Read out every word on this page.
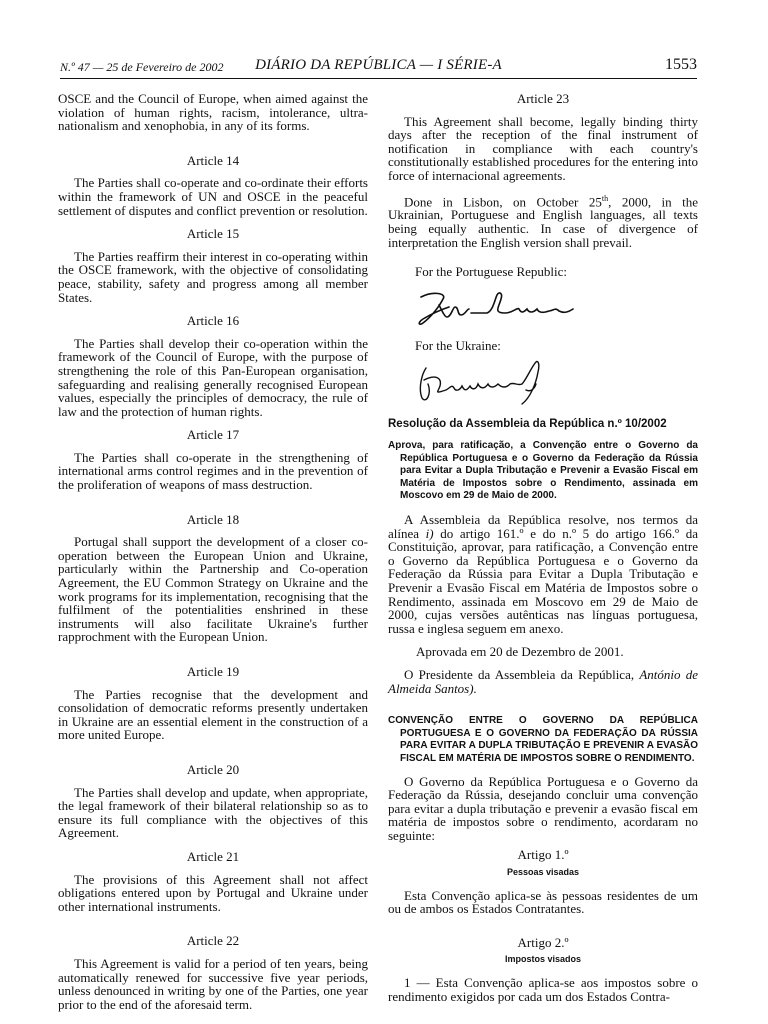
N.º 47 — 25 de Fevereiro de 2002	DIÁRIO DA REPÚBLICA — I SÉRIE-A	1553

OSCE and the Council of Europe, when aimed against the violation of human rights, racism, intolerance, ultra-nationalism and xenophobia, in any of its forms.

Article 14

The Parties shall co-operate and co-ordinate their efforts within the framework of UN and OSCE in the peaceful settlement of disputes and conflict prevention or resolution.

Article 15

The Parties reaffirm their interest in co-operating within the OSCE framework, with the objective of consolidating peace, stability, safety and progress among all member States.

Article 16

The Parties shall develop their co-operation within the framework of the Council of Europe, with the purpose of strengthening the role of this Pan-European organisation, safeguarding and realising generally recognised European values, especially the principles of democracy, the rule of law and the protection of human rights.

Article 17

The Parties shall co-operate in the strengthening of international arms control regimes and in the prevention of the proliferation of weapons of mass destruction.

Article 18

Portugal shall support the development of a closer co-operation between the European Union and Ukraine, particularly within the Partnership and Co-operation Agreement, the EU Common Strategy on Ukraine and the work programs for its implementation, recognising that the fulfilment of the potentialities enshrined in these instruments will also facilitate Ukraine's further rapprochment with the European Union.

Article 19

The Parties recognise that the development and consolidation of democratic reforms presently undertaken in Ukraine are an essential element in the construction of a more united Europe.

Article 20

The Parties shall develop and update, when appropriate, the legal framework of their bilateral relationship so as to ensure its full compliance with the objectives of this Agreement.

Article 21

The provisions of this Agreement shall not affect obligations entered upon by Portugal and Ukraine under other international instruments.

Article 22

This Agreement is valid for a period of ten years, being automatically renewed for successive five year periods, unless denounced in writing by one of the Parties, one year prior to the end of the aforesaid term.

Article 23

This Agreement shall become, legally binding thirty days after the reception of the final instrument of notification in compliance with each country's constitutionally established procedures for the entering into force of internacional agreements.

Done in Lisbon, on October 25th, 2000, in the Ukrainian, Portuguese and English languages, all texts being equally authentic. In case of divergence of interpretation the English version shall prevail.

For the Portuguese Republic:

For the Ukraine:

Resolução da Assembleia da República n.º 10/2002

Aprova, para ratificação, a Convenção entre o Governo da República Portuguesa e o Governo da Federação da Rússia para Evitar a Dupla Tributação e Prevenir a Evasão Fiscal em Matéria de Impostos sobre o Rendimento, assinada em Moscovo em 29 de Maio de 2000.

A Assembleia da República resolve, nos termos da alínea i) do artigo 161.º e do n.º 5 do artigo 166.º da Constituição, aprovar, para ratificação, a Convenção entre o Governo da República Portuguesa e o Governo da Federação da Rússia para Evitar a Dupla Tributação e Prevenir a Evasão Fiscal em Matéria de Impostos sobre o Rendimento, assinada em Moscovo em 29 de Maio de 2000, cujas versões autênticas nas línguas portuguesa, russa e inglesa seguem em anexo.

Aprovada em 20 de Dezembro de 2001.

O Presidente da Assembleia da República, António de Almeida Santos).

CONVENÇÃO ENTRE O GOVERNO DA REPÚBLICA PORTUGUESA E O GOVERNO DA FEDERAÇÃO DA RÚSSIA PARA EVITAR A DUPLA TRIBUTAÇÃO E PREVENIR A EVASÃO FISCAL EM MATÉRIA DE IMPOSTOS SOBRE O RENDIMENTO.

O Governo da República Portuguesa e o Governo da Federação da Rússia, desejando concluir uma convenção para evitar a dupla tributação e prevenir a evasão fiscal em matéria de impostos sobre o rendimento, acordaram no seguinte:

Artigo 1.º

Pessoas visadas

Esta Convenção aplica-se às pessoas residentes de um ou de ambos os Estados Contratantes.

Artigo 2.º

Impostos visados

1 — Esta Convenção aplica-se aos impostos sobre o rendimento exigidos por cada um dos Estados Contra-
